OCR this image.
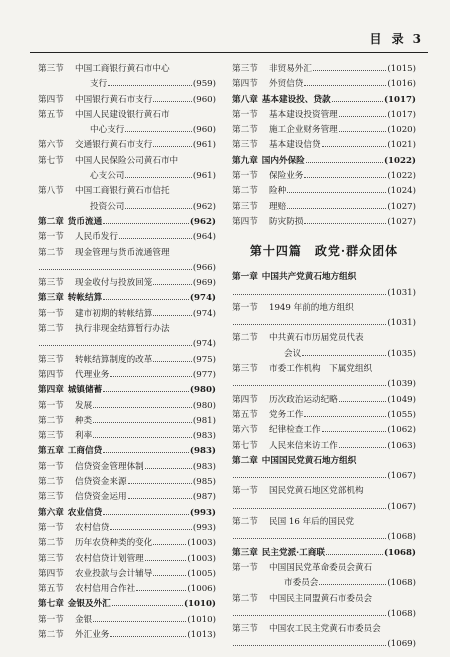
目 录 3
第三节	中国工商银行黄石市中心
支行	(959)
第四节	中国银行黄石市支行	(960)
第五节	中国人民建设银行黄石市
中心支行	(960)
第六节	交通银行黄石市支行	(961)
第七节	中国人民保险公司黄石市中
心支公司	(961)
第八节	中国工商银行黄石市信托
投资公司	(962)
第二章 货币流通	(962)
第一节	人民币发行	(964)
第二节	现金管理与货币流通管理
(966)
第三节	现金收付与投放回笼	(969)
第三章 转帐结算	(974)
第一节	建市初期的转帐结算	(974)
第二节	执行非现金结算暂行办法
(974)
第三节	转帐结算制度的改革	(975)
第四节	代理业务	(977)
第四章 城镇储蓄	(980)
第一节	发展	(980)
第二节	种类	(981)
第三节	利率	(983)
第五章 工商信贷	(983)
第一节	信贷资金管理体制	(983)
第二节	信贷资金来源	(985)
第三节	信贷资金运用	(987)
第六章 农业信贷	(993)
第一节	农村信贷	(993)
第二节	历年农贷种类的变化	(1003)
第三节	农村信贷计划管理	(1003)
第四节	农业投款与会计辅导	(1005)
第五节	农村信用合作社	(1006)
第七章 金银及外汇	(1010)
第一节	金银	(1010)
第二节	外汇业务	(1013)
第三节	非贸易外汇	(1015)
第四节	外贸信贷	(1016)
第八章 基本建设投、贷款	(1017)
第一节	基本建设投资管理	(1017)
第二节	施工企业财务管理	(1020)
第三节	基本建设信贷	(1021)
第九章 国内外保险	(1022)
第一节	保险业务	(1022)
第二节	险种	(1024)
第三节	理赔	(1027)
第四节	防灾防损	(1027)
第十四篇　政党·群众团体
第一章 中国共产党黄石地方组织
(1031)
第一节	1949 年前的地方组织
(1031)
第二节	中共黄石市历届党员代表
会议	(1035)
第三节	市委工作机构　下属党组织
(1039)
第四节	历次政治运动纪略	(1049)
第五节	党务工作	(1055)
第六节	纪律检查工作	(1062)
第七节	人民来信来访工作	(1063)
第二章 中国国民党黄石地方组织
(1067)
第一节	国民党黄石地区党部机构
(1067)
第二节	民国 16 年后的国民党
(1068)
第三章 民主党派·工商联	(1068)
第一节	中国国民党革命委员会黄石
市委员会	(1068)
第二节	中国民主同盟黄石市委员会
(1068)
第三节	中国农工民主党黄石市委员会
(1069)
